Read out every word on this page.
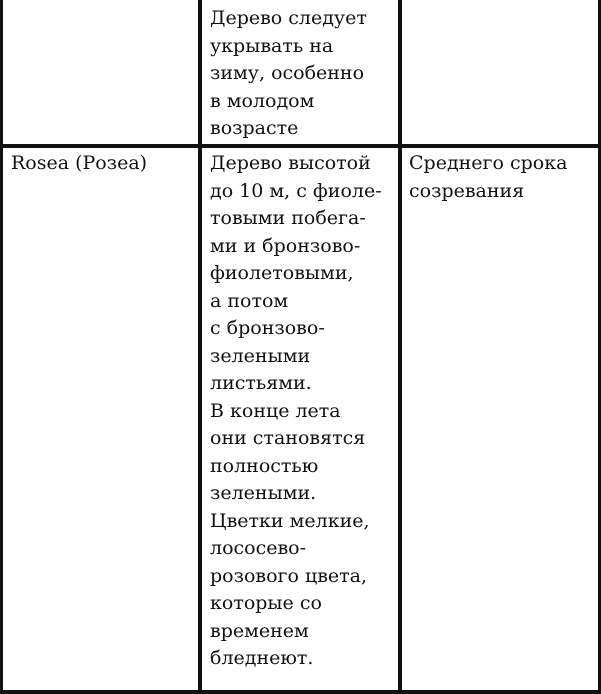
Дерево следует
укрывать на
зиму, особенно
в молодом
возрасте
Rosea (Розеа)	Дерево высотой
до 10 м, с фиоле-
товыми побега-
ми и бронзово-
фиолетовыми,
а потом
с бронзово-
зелеными
листьями.
В конце лета
они становятся
полностью
зелеными.
Цветки мелкие,
лососево-
розового цвета,
которые со
временем
бледнеют.
Среднего срока
созревания
